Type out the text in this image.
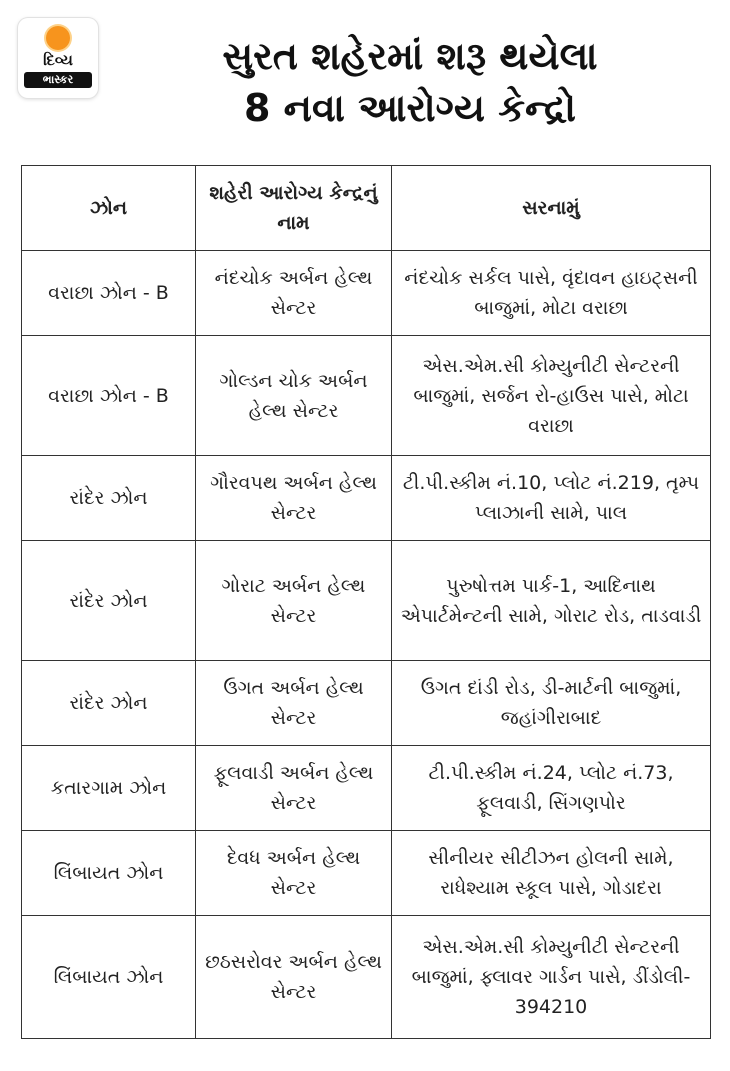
દિવ્ય
ભાસ્કર
સુરત શહેરમાં શરૂ થયેલા
8 નવા આરોગ્ય કેન્દ્રો
ઝોન	શહેરી આરોગ્ય કેન્દ્રનું નામ	સરનામું
વરાછા ઝોન - B	નંદચોક અર્બન હેલ્થ સેન્ટર	નંદચોક સર્કલ પાસે, વૃંદાવન હાઇટ્સની બાજુમાં, મોટા વરાછા
વરાછા ઝોન - B	ગોલ્ડન ચોક અર્બન હેલ્થ સેન્ટર	એસ.એમ.સી કોમ્યુનીટી સેન્ટરની બાજુમાં, સર્જન રો-હાઉસ પાસે, મોટા વરાછા
રાંદેર ઝોન	ગૌરવપથ અર્બન હેલ્થ સેન્ટર	ટી.પી.સ્કીમ નં.10, પ્લોટ નં.219, તૃમ્પ પ્લાઝાની સામે, પાલ
રાંદેર ઝોન	ગોરાટ અર્બન હેલ્થ સેન્ટર	પુરુષોત્તમ પાર્ક-1, આદિનાથ એપાર્ટમેન્ટની સામે, ગોરાટ રોડ, તાડવાડી
રાંદેર ઝોન	ઉગત અર્બન હેલ્થ સેન્ટર	ઉગત દાંડી રોડ, ડી-માર્ટની બાજુમાં, જહાંગીરાબાદ
કતારગામ ઝોન	ફૂલવાડી અર્બન હેલ્થ સેન્ટર	ટી.પી.સ્કીમ નં.24, પ્લોટ નં.73, ફૂલવાડી, સિંગણપોર
લિંબાયત ઝોન	દેવધ અર્બન હેલ્થ સેન્ટર	સીનીયર સીટીઝન હોલની સામે, રાધેશ્યામ સ્કૂલ પાસે, ગોડાદરા
લિંબાયત ઝોન	છઠસરોવર અર્બન હેલ્થ સેન્ટર	એસ.એમ.સી કોમ્યુનીટી સેન્ટરની બાજુમાં, ફ્લાવર ગાર્ડન પાસે, ડીંડોલી- 394210
